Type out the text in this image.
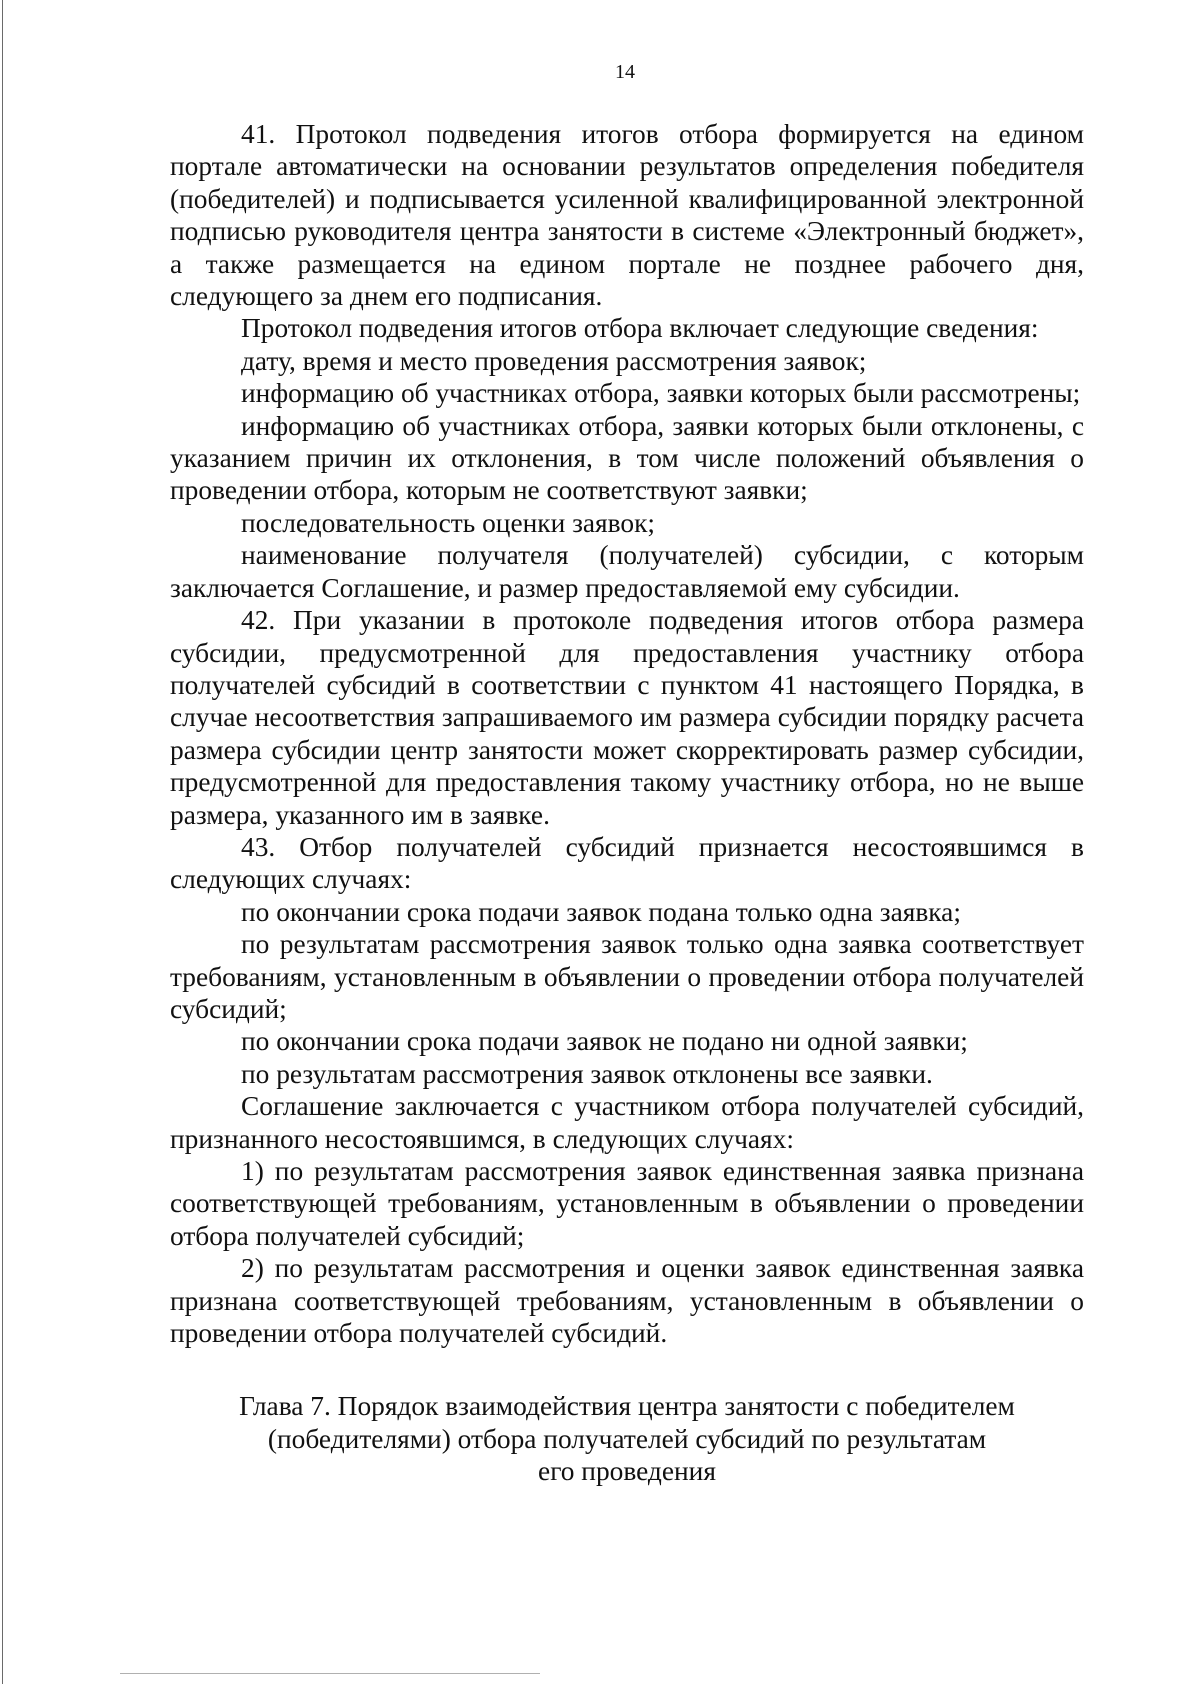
14

41. Протокол подведения итогов отбора формируется на едином портале автоматически на основании результатов определения победителя (победителей) и подписывается усиленной квалифицированной электронной подписью руководителя центра занятости в системе «Электронный бюджет», а также размещается на едином портале не позднее рабочего дня, следующего за днем его подписания.

Протокол подведения итогов отбора включает следующие сведения:

дату, время и место проведения рассмотрения заявок;

информацию об участниках отбора, заявки которых были рассмотрены;

информацию об участниках отбора, заявки которых были отклонены, с указанием причин их отклонения, в том числе положений объявления о проведении отбора, которым не соответствуют заявки;

последовательность оценки заявок;

наименование получателя (получателей) субсидии, с которым заключается Соглашение, и размер предоставляемой ему субсидии.

42. При указании в протоколе подведения итогов отбора размера субсидии, предусмотренной для предоставления участнику отбора получателей субсидий в соответствии с пунктом 41 настоящего Порядка, в случае несоответствия запрашиваемого им размера субсидии порядку расчета размера субсидии центр занятости может скорректировать размер субсидии, предусмотренной для предоставления такому участнику отбора, но не выше размера, указанного им в заявке.

43. Отбор получателей субсидий признается несостоявшимся в следующих случаях:

по окончании срока подачи заявок подана только одна заявка;

по результатам рассмотрения заявок только одна заявка соответствует требованиям, установленным в объявлении о проведении отбора получателей субсидий;

по окончании срока подачи заявок не подано ни одной заявки;

по результатам рассмотрения заявок отклонены все заявки.

Соглашение заключается с участником отбора получателей субсидий, признанного несостоявшимся, в следующих случаях:

1) по результатам рассмотрения заявок единственная заявка признана соответствующей требованиям, установленным в объявлении о проведении отбора получателей субсидий;

2) по результатам рассмотрения и оценки заявок единственная заявка признана соответствующей требованиям, установленным в объявлении о проведении отбора получателей субсидий.

Глава 7. Порядок взаимодействия центра занятости с победителем
(победителями) отбора получателей субсидий по результатам
его проведения
